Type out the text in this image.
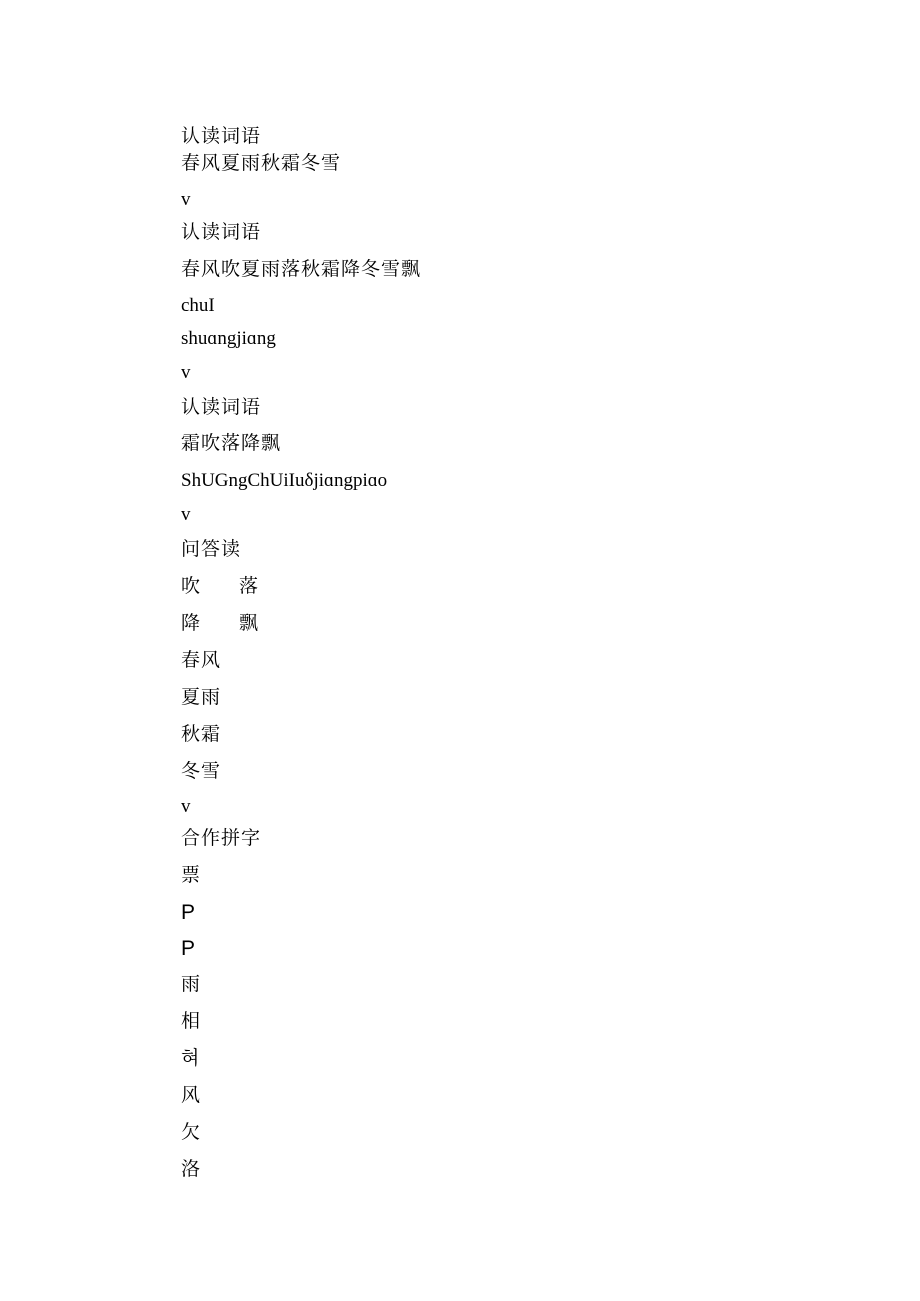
认读词语
春风夏雨秋霜冬雪
v
认读词语
春风吹夏雨落秋霜降冬雪飘
chuI
shuɑngjiɑng
v
认读词语
霜吹落降飘
ShUGngChUiIuδjiɑngpiɑo
v
问答读
吹 落
降 飘
春风
夏雨
秋霜
冬雪
v
合作拼字
票
P
P
雨
相
혀
风
欠
洛
